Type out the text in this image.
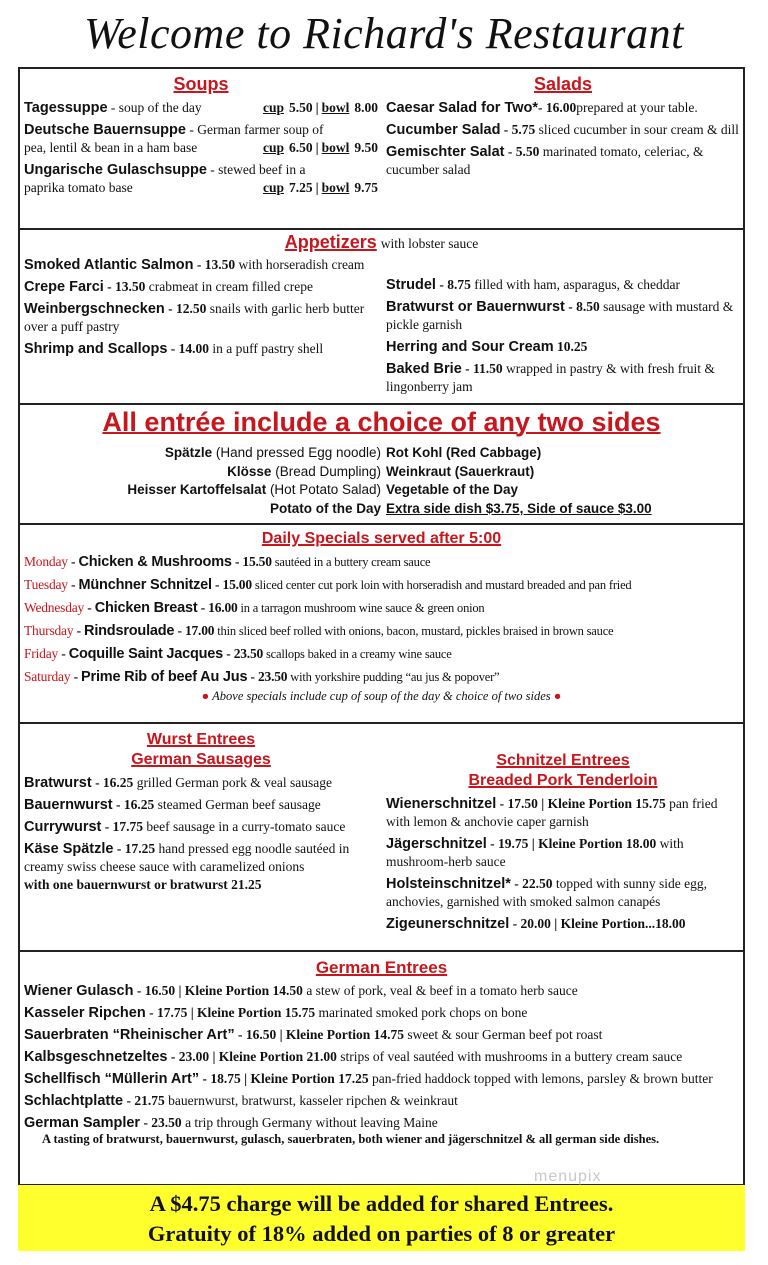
Welcome to Richard's Restaurant
Soups
cup 5.50 | bowl 8.00
Tagessuppe - soup of the day
Deutsche Bauernsuppe - German farmer soup of
cup 6.50 | bowl 9.50
pea, lentil & bean in a ham base
Ungarische Gulaschsuppe - stewed beef in a
cup 7.25 | bowl 9.75
paprika tomato base
Salads
Caesar Salad for Two*- 16.00prepared at your table.
Cucumber Salad - 5.75 sliced cucumber in sour cream & dill
Gemischter Salat - 5.50 marinated tomato, celeriac, & cucumber salad
Appetizers with lobster sauce
Smoked Atlantic Salmon - 13.50 with horseradish cream
Crepe Farci - 13.50 crabmeat in cream filled crepe
Weinbergschnecken - 12.50 snails with garlic herb butter over a puff pastry
Shrimp and Scallops - 14.00 in a puff pastry shell
Strudel - 8.75 filled with ham, asparagus, & cheddar
Bratwurst or Bauernwurst - 8.50 sausage with mustard & pickle garnish
Herring and Sour Cream 10.25
Baked Brie - 11.50 wrapped in pastry & with fresh fruit & lingonberry jam
All entrée include a choice of any two sides
Spätzle (Hand pressed Egg noodle) Rot Kohl (Red Cabbage)
Klösse (Bread Dumpling) Weinkraut (Sauerkraut)
Heisser Kartoffelsalat (Hot Potato Salad) Vegetable of the Day
Potato of the Day Extra side dish $3.75, Side of sauce $3.00
Daily Specials served after 5:00
Monday - Chicken & Mushrooms - 15.50 sautéed in a buttery cream sauce
Tuesday - Münchner Schnitzel - 15.00 sliced center cut pork loin with horseradish and mustard breaded and pan fried
Wednesday - Chicken Breast - 16.00 in a tarragon mushroom wine sauce & green onion
Thursday - Rindsroulade - 17.00 thin sliced beef rolled with onions, bacon, mustard, pickles braised in brown sauce
Friday - Coquille Saint Jacques - 23.50 scallops baked in a creamy wine sauce
Saturday - Prime Rib of beef Au Jus - 23.50 with yorkshire pudding “au jus & popover”
● Above specials include cup of soup of the day & choice of two sides ●
Wurst Entrees
German Sausages
Bratwurst - 16.25 grilled German pork & veal sausage
Bauernwurst - 16.25 steamed German beef sausage
Currywurst - 17.75 beef sausage in a curry-tomato sauce
Käse Spätzle - 17.25 hand pressed egg noodle sautéed in creamy swiss cheese sauce with caramelized onions
with one bauernwurst or bratwurst 21.25
Schnitzel Entrees
Breaded Pork Tenderloin
Wienerschnitzel - 17.50 | Kleine Portion 15.75 pan fried with lemon & anchovie caper garnish
Jägerschnitzel - 19.75 | Kleine Portion 18.00 with mushroom-herb sauce
Holsteinschnitzel* - 22.50 topped with sunny side egg, anchovies, garnished with smoked salmon canapés
Zigeunerschnitzel - 20.00 | Kleine Portion...18.00
German Entrees
Wiener Gulasch - 16.50 | Kleine Portion 14.50 a stew of pork, veal & beef in a tomato herb sauce
Kasseler Ripchen - 17.75 | Kleine Portion 15.75 marinated smoked pork chops on bone
Sauerbraten “Rheinischer Art” - 16.50 | Kleine Portion 14.75 sweet & sour German beef pot roast
Kalbsgeschnetzeltes - 23.00 | Kleine Portion 21.00 strips of veal sautéed with mushrooms in a buttery cream sauce
Schellfisch “Müllerin Art” - 18.75 | Kleine Portion 17.25 pan-fried haddock topped with lemons, parsley & brown butter
Schlachtplatte - 21.75 bauernwurst, bratwurst, kasseler ripchen & weinkraut
German Sampler - 23.50 a trip through Germany without leaving Maine
A tasting of bratwurst, bauernwurst, gulasch, sauerbraten, both wiener and jägerschnitzel & all german side dishes.
menupix
A $4.75 charge will be added for shared Entrees.
Gratuity of 18% added on parties of 8 or greater
